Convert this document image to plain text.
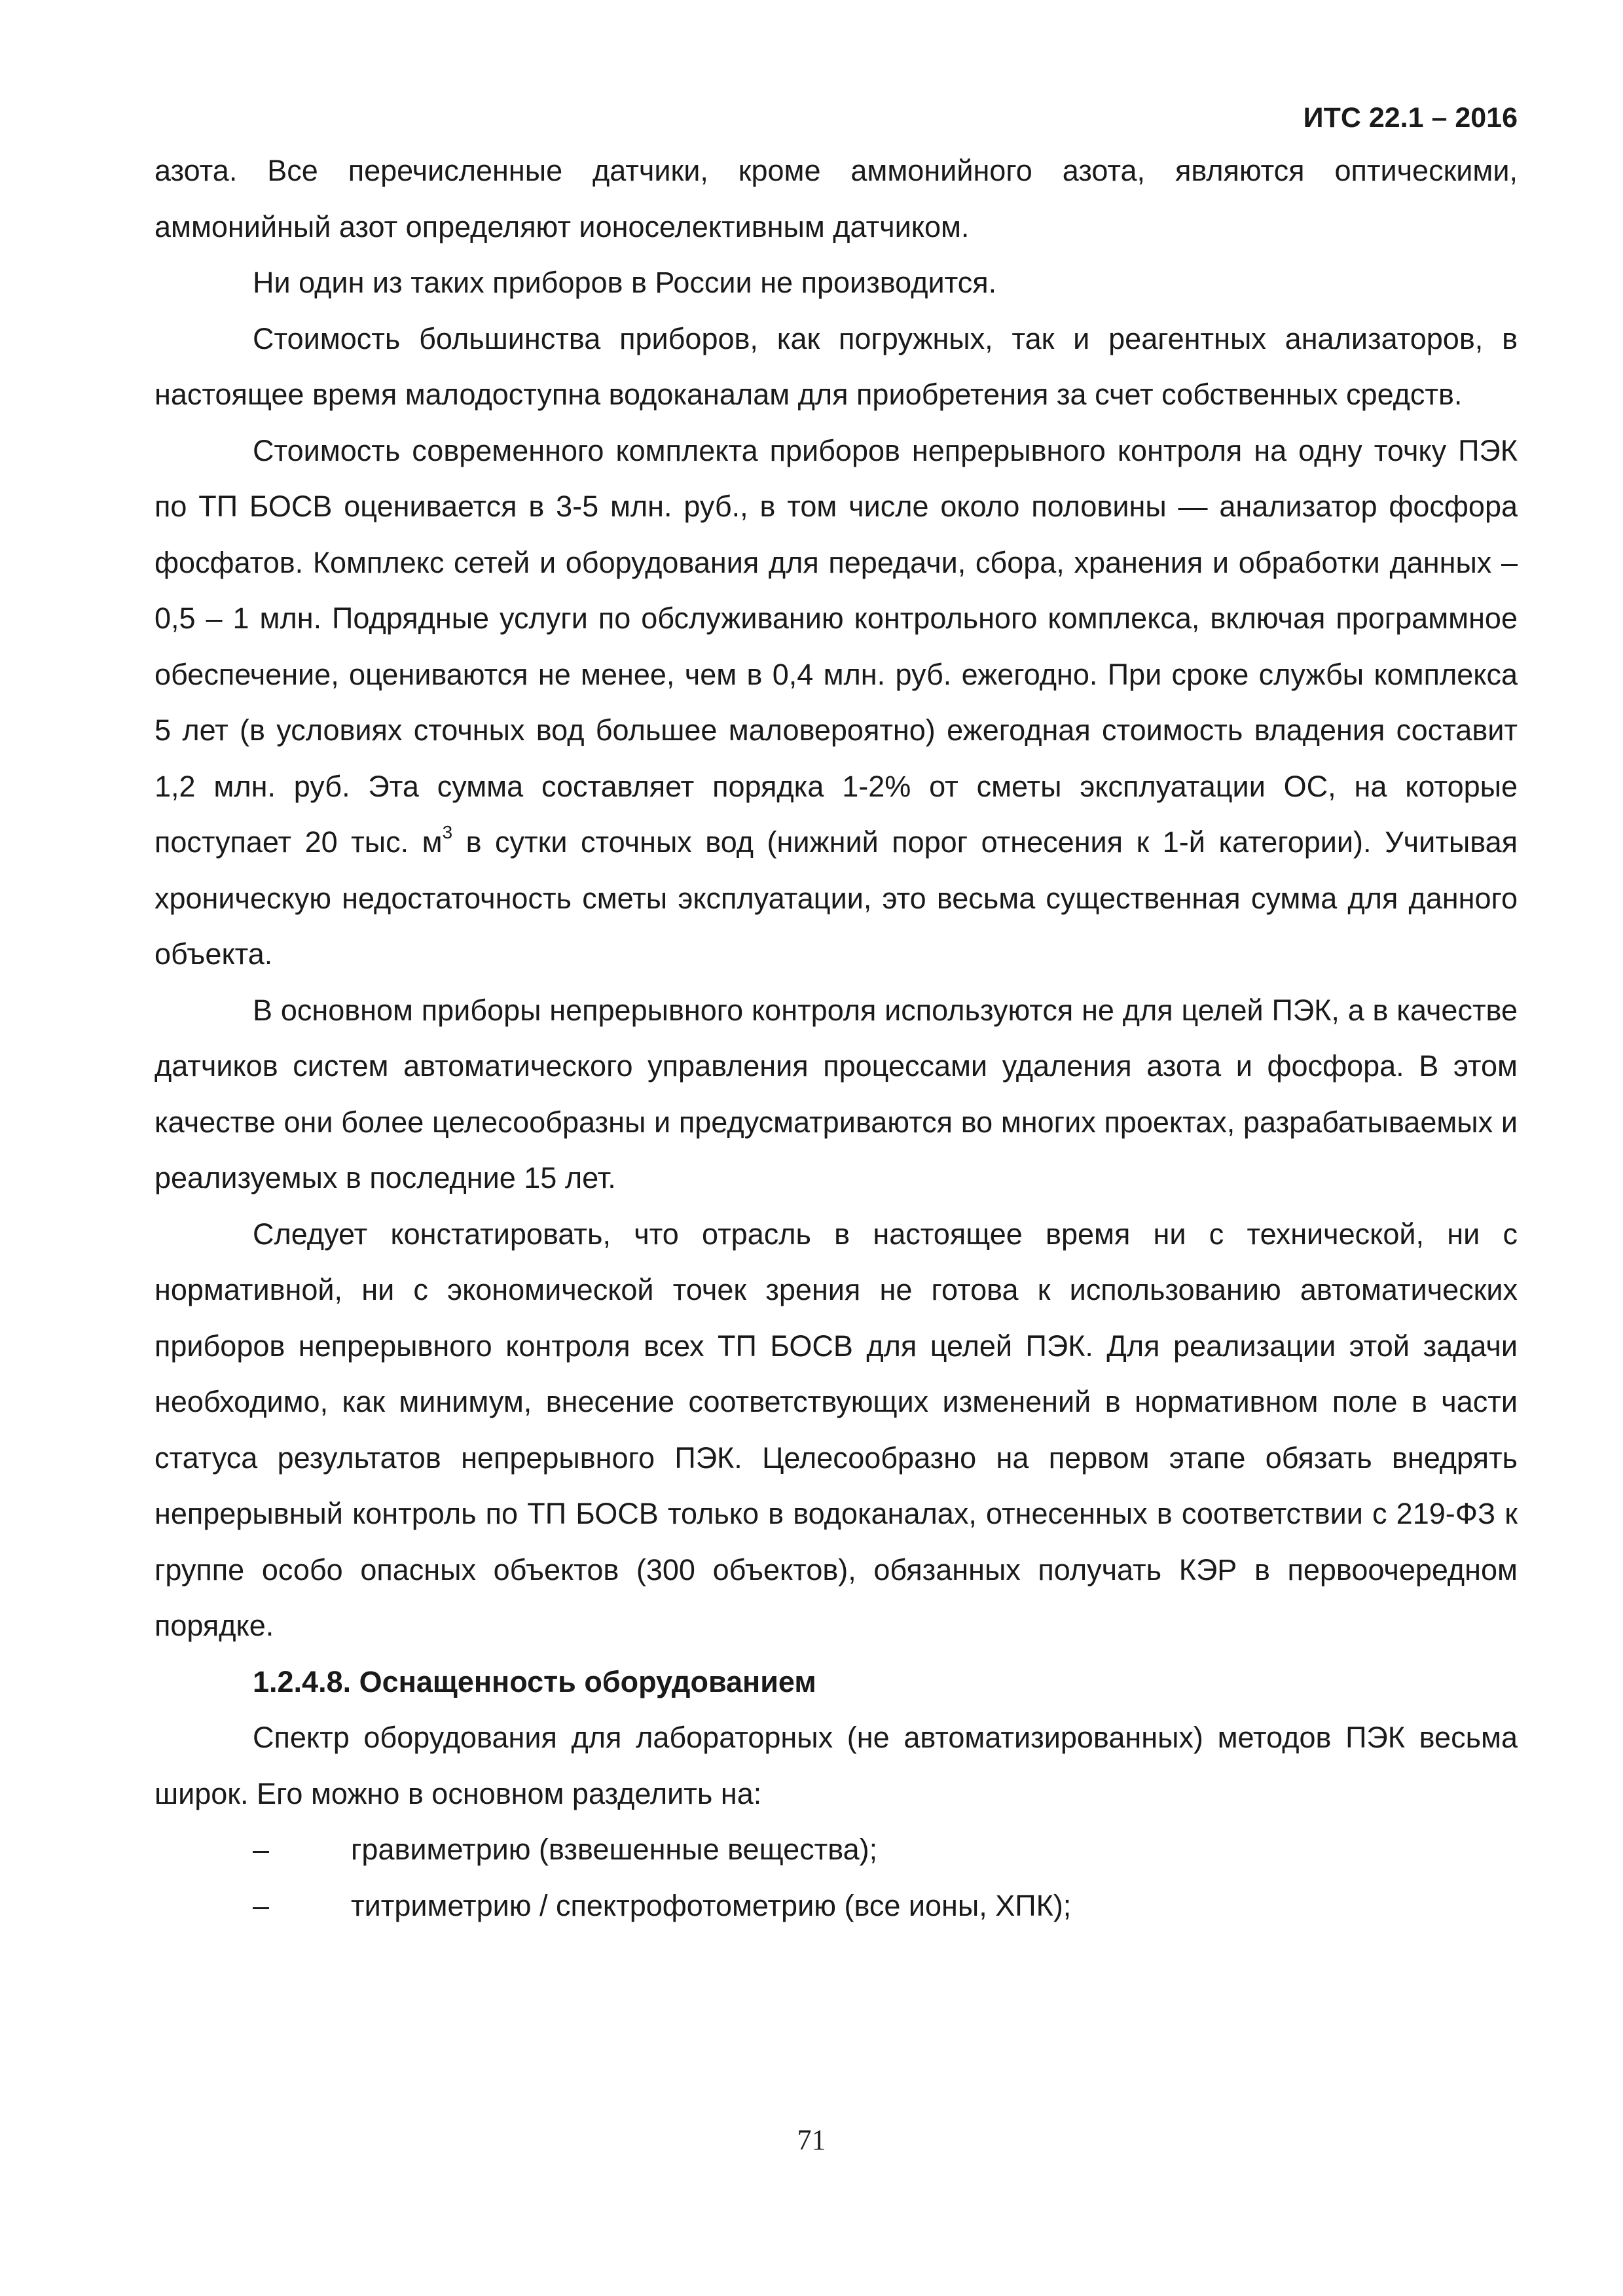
ИТС 22.1 – 2016

азота. Все перечисленные датчики, кроме аммонийного азота, являются оптическими, аммонийный азот определяют ионоселективным датчиком.

Ни один из таких приборов в России не производится.

Стоимость большинства приборов, как погружных, так и реагентных анализаторов, в настоящее время малодоступна водоканалам для приобретения за счет собственных средств.

Стоимость современного комплекта приборов непрерывного контроля на одну точку ПЭК по ТП БОСВ оценивается в 3-5 млн. руб., в том числе около половины — анализатор фосфора фосфатов. Комплекс сетей и оборудования для передачи, сбора, хранения и обработки данных – 0,5 – 1 млн. Подрядные услуги по обслуживанию контрольного комплекса, включая программное обеспечение, оцениваются не менее, чем в 0,4 млн. руб. ежегодно. При сроке службы комплекса 5 лет (в условиях сточных вод большее маловероятно) ежегодная стоимость владения составит 1,2 млн. руб. Эта сумма составляет порядка 1-2% от сметы эксплуатации ОС, на которые поступает 20 тыс. $м^3$ в сутки сточных вод (нижний порог отнесения к 1-й категории). Учитывая хроническую недостаточность сметы эксплуатации, это весьма существенная сумма для данного объекта.

В основном приборы непрерывного контроля используются не для целей ПЭК, а в качестве датчиков систем автоматического управления процессами удаления азота и фосфора. В этом качестве они более целесообразны и предусматриваются во многих проектах, разрабатываемых и реализуемых в последние 15 лет.

Следует констатировать, что отрасль в настоящее время ни с технической, ни с нормативной, ни с экономической точек зрения не готова к использованию автоматических приборов непрерывного контроля всех ТП БОСВ для целей ПЭК. Для реализации этой задачи необходимо, как минимум, внесение соответствующих изменений в нормативном поле в части статуса результатов непрерывного ПЭК. Целесообразно на первом этапе обязать внедрять непрерывный контроль по ТП БОСВ только в водоканалах, отнесенных в соответствии с 219-ФЗ к группе особо опасных объектов (300 объектов), обязанных получать КЭР в первоочередном порядке.

1.2.4.8. Оснащенность оборудованием

Спектр оборудования для лабораторных (не автоматизированных) методов ПЭК весьма широк. Его можно в основном разделить на:

–	гравиметрию (взвешенные вещества);
–	титриметрию / спектрофотометрию (все ионы, ХПК);
71
